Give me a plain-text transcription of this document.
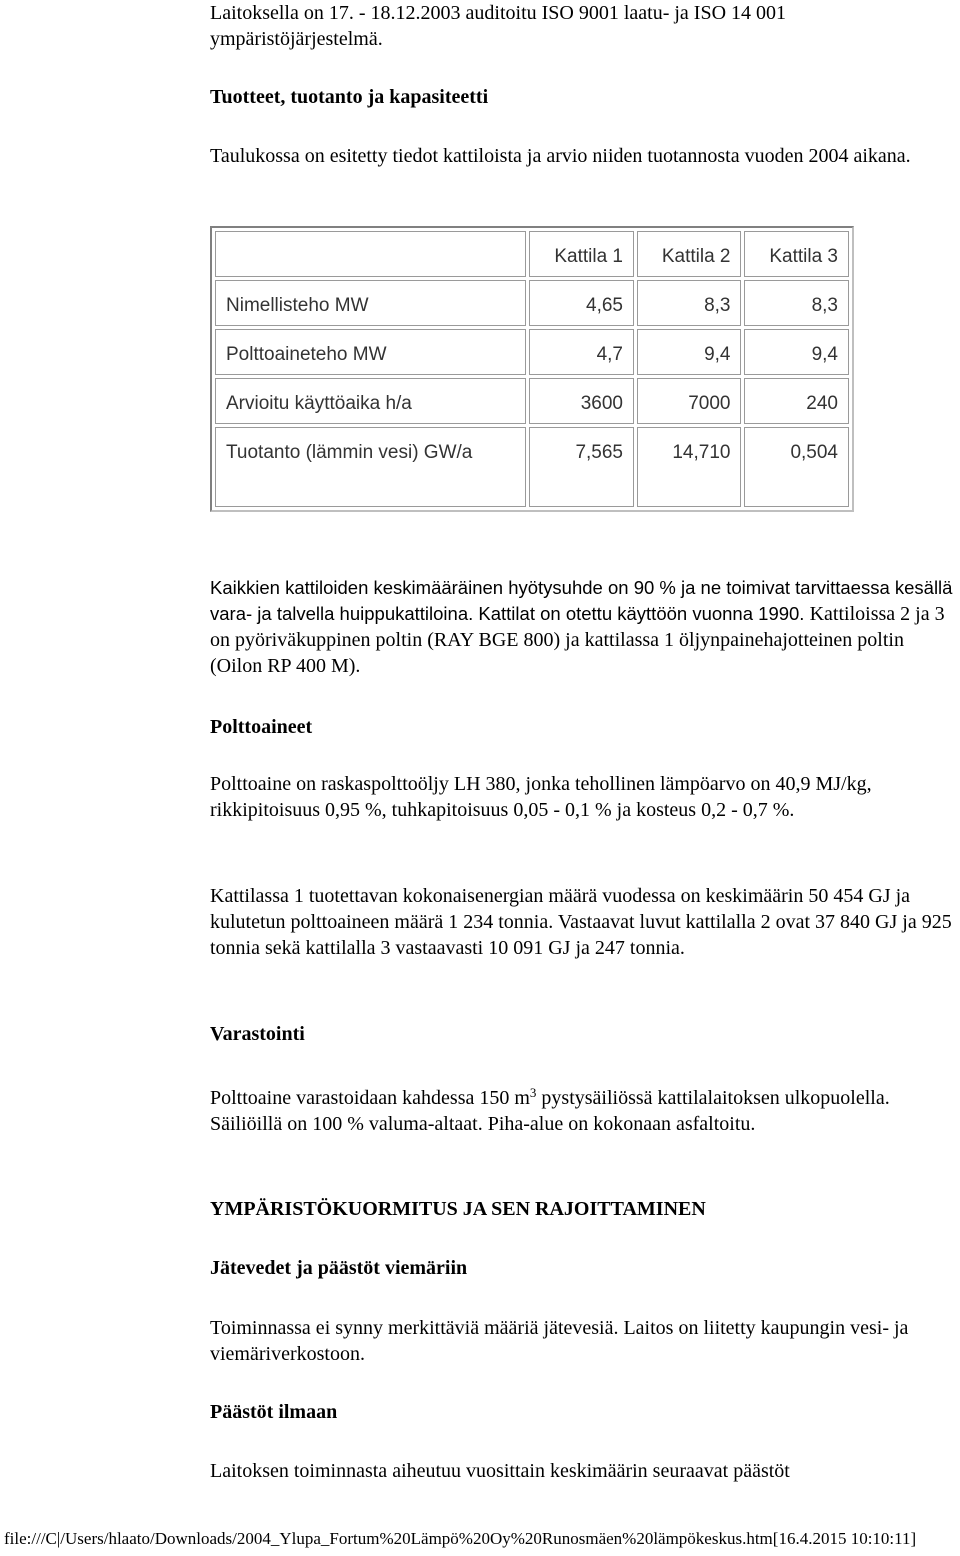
Laitoksella on 17. - 18.12.2003 auditoitu ISO 9001 laatu- ja ISO 14 001 ympäristöjärjestelmä.

Tuotteet, tuotanto ja kapasiteetti

Taulukossa on esitetty tiedot kattiloista ja arvio niiden tuotannosta vuoden 2004 aikana.

	Kattila 1	Kattila 2	Kattila 3
Nimellisteho MW	4,65	8,3	8,3
Polttoaineteho MW	4,7	9,4	9,4
Arvioitu käyttöaika h/a	3600	7000	240
Tuotanto (lämmin vesi) GW/a	7,565	14,710	0,504
Kaikkien kattiloiden keskimääräinen hyötysuhde on 90 % ja ne toimivat tarvittaessa kesällä vara- ja talvella huippukattiloina. Kattilat on otettu käyttöön vuonna 1990. Kattiloissa 2 ja 3 on pyöriväkuppinen poltin (RAY BGE 800) ja kattilassa 1 öljynpainehajotteinen poltin (Oilon RP 400 M).

Polttoaineet

Polttoaine on raskaspolttoöljy LH 380, jonka tehollinen lämpöarvo on 40,9 MJ/kg, rikkipitoisuus 0,95 %, tuhkapitoisuus 0,05 - 0,1 % ja kosteus 0,2 - 0,7 %.

Kattilassa 1 tuotettavan kokonaisenergian määrä vuodessa on keskimäärin 50 454 GJ ja kulutetun polttoaineen määrä 1 234 tonnia. Vastaavat luvut kattilalla 2 ovat 37 840 GJ ja 925 tonnia sekä kattilalla 3 vastaavasti 10 091 GJ ja 247 tonnia.

Varastointi

Polttoaine varastoidaan kahdessa 150 $m^3$ pystysäiliössä kattilalaitoksen ulkopuolella. Säiliöillä on 100 % valuma-altaat. Piha-alue on kokonaan asfaltoitu.

YMPÄRISTÖKUORMITUS JA SEN RAJOITTAMINEN

Jätevedet ja päästöt viemäriin

Toiminnassa ei synny merkittäviä määriä jätevesiä. Laitos on liitetty kaupungin vesi- ja viemäriverkostoon.

Päästöt ilmaan

Laitoksen toiminnasta aiheutuu vuosittain keskimäärin seuraavat päästöt

file:///C|/Users/hlaato/Downloads/2004_Ylupa_Fortum%20Lämpö%20Oy%20Runosmäen%20lämpökeskus.htm[16.4.2015 10:10:11]
